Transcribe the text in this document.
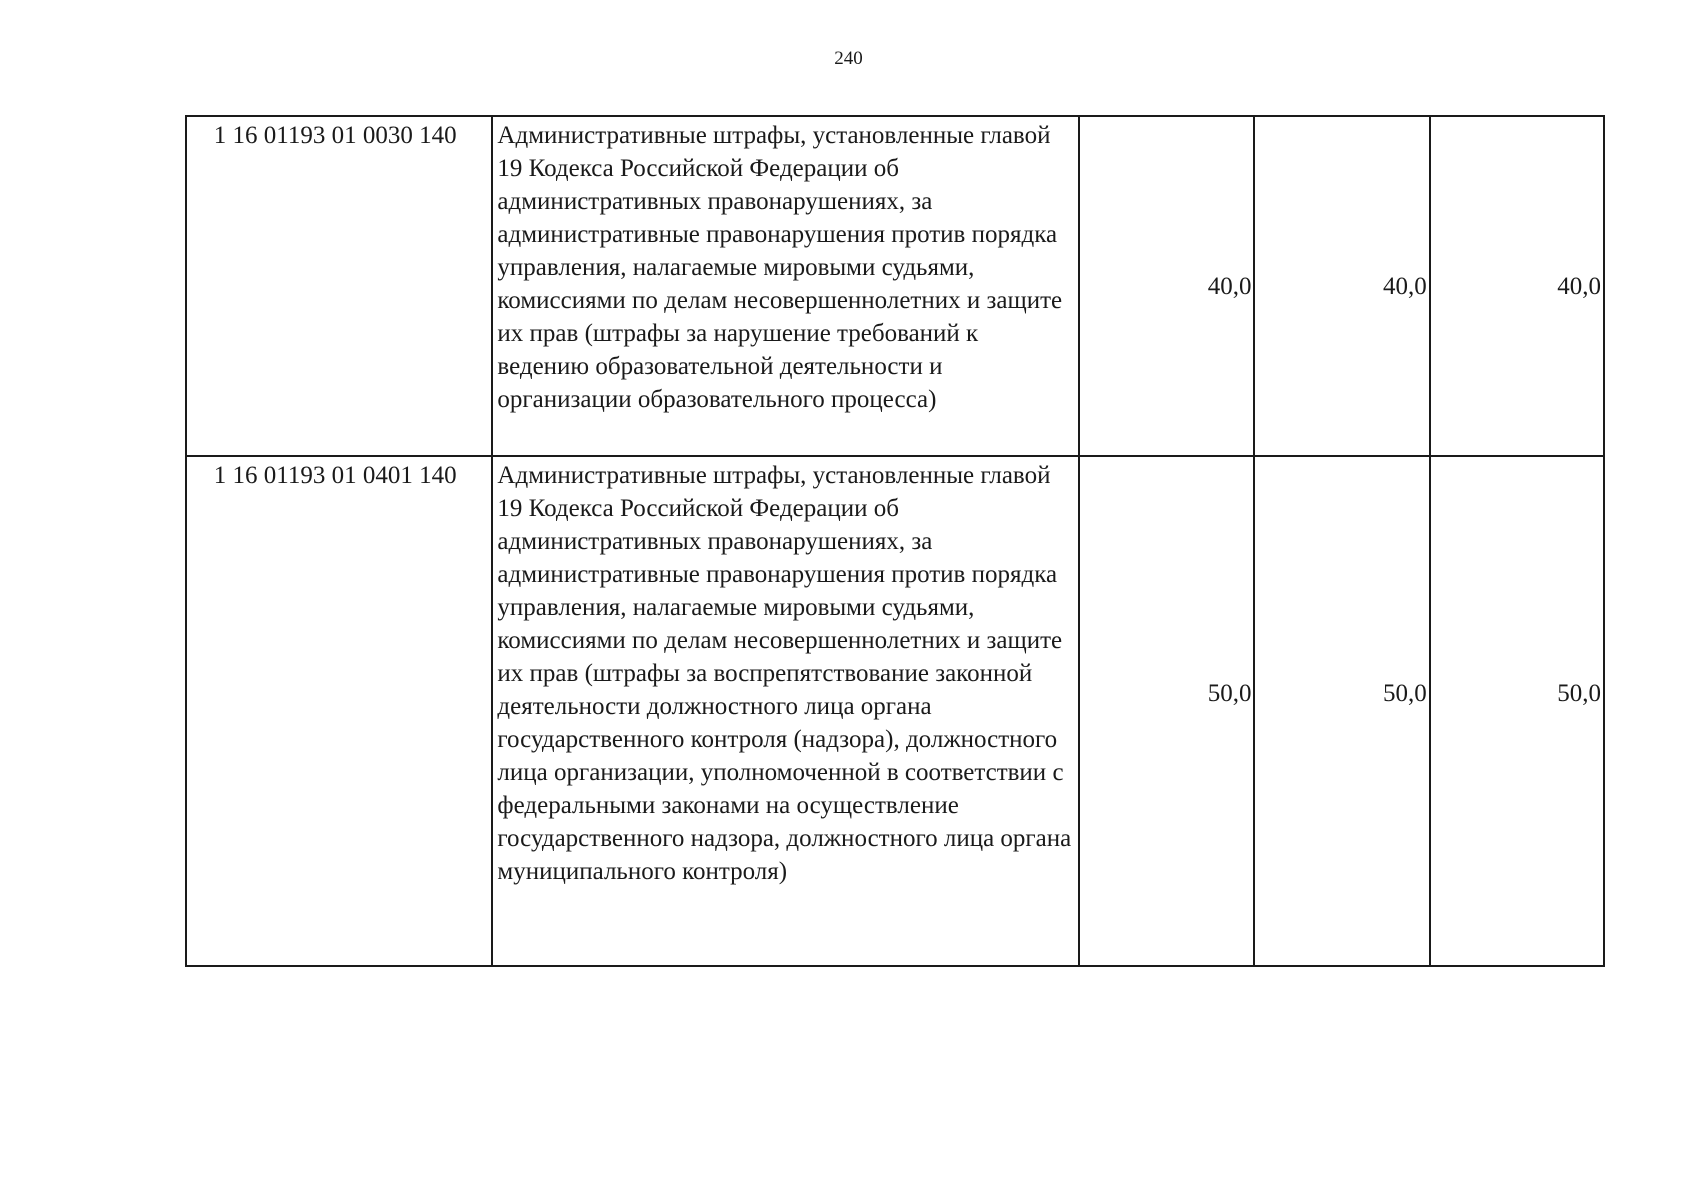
240
1 16 01193 01 0030 140	Административные штрафы, установленные главой 19 Кодекса Российской Федерации об административных правонарушениях, за административные правонарушения против порядка управления, налагаемые мировыми судьями, комиссиями по делам несовершеннолетних и защите их прав (штрафы за нарушение требований к ведению образовательной деятельности и организации образовательного процесса)	40,0	40,0	40,0
1 16 01193 01 0401 140	Административные штрафы, установленные главой 19 Кодекса Российской Федерации об административных правонарушениях, за административные правонарушения против порядка управления, налагаемые мировыми судьями, комиссиями по делам несовершеннолетних и защите их прав (штрафы за воспрепятствование законной деятельности должностного лица органа государственного контроля (надзора), должностного лица организации, уполномоченной в соответствии с федеральными законами на осуществление государственного надзора, должностного лица органа муниципального контроля)	50,0	50,0	50,0
